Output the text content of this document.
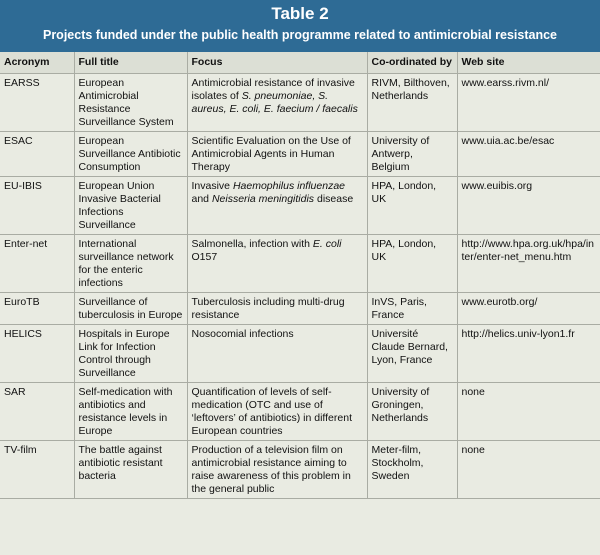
Table 2
Projects funded under the public health programme related to antimicrobial resistance
Acronym	Full title	Focus	Co-ordinated by	Web site
EARSS	European Antimicrobial Resistance Surveillance System	Antimicrobial resistance of invasive isolates of S. pneumoniae, S. aureus, E. coli, E. faecium / faecalis	RIVM, Bilthoven, Netherlands	www.earss.rivm.nl/
ESAC	European Surveillance Antibiotic Consumption	Scientific Evaluation on the Use of Antimicrobial Agents in Human Therapy	University of Antwerp, Belgium	www.uia.ac.be/esac
EU-IBIS	European Union Invasive Bacterial Infections Surveillance	Invasive Haemophilus influenzae and Neisseria meningitidis disease	HPA, London, UK	www.euibis.org
Enter-net	International surveillance network for the enteric infections	Salmonella, infection with E. coli O157	HPA, London, UK	http://www.hpa.org.uk/hpa/inter/enter-net_menu.htm
EuroTB	Surveillance of tuberculosis in Europe	Tuberculosis including multi-drug resistance	InVS, Paris, France	www.eurotb.org/
HELICS	Hospitals in Europe Link for Infection Control through Surveillance	Nosocomial infections	Université Claude Bernard, Lyon, France	http://helics.univ-lyon1.fr
SAR	Self-medication with antibiotics and resistance levels in Europe	Quantification of levels of self-medication (OTC and use of ‘leftovers’ of antibiotics) in different European countries	University of Groningen, Netherlands	none
TV-film	The battle against antibiotic resistant bacteria	Production of a television film on antimicrobial resistance aiming to raise awareness of this problem in the general public	Meter-film, Stockholm, Sweden	none
